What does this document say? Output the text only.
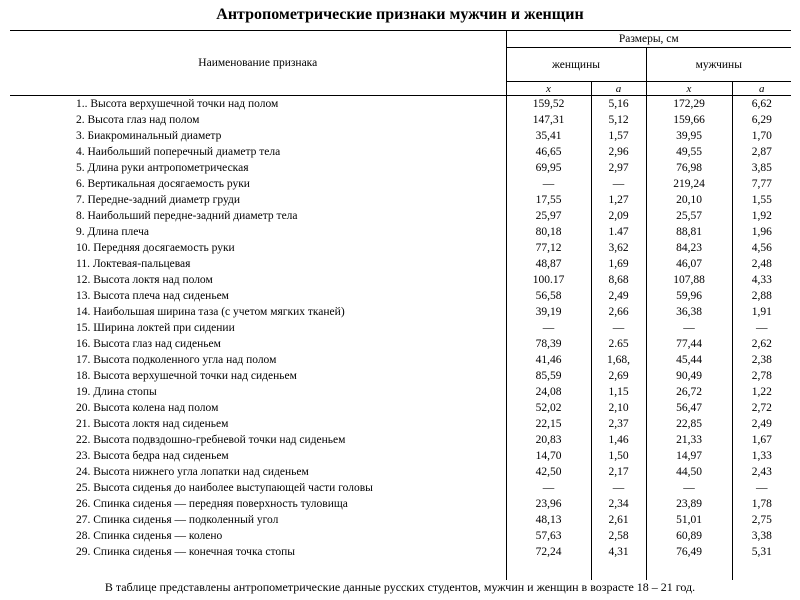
Антропометрические признаки мужчин и женщин
Наименование признака	Размеры, см			
	женщины		мужчины	
	x	a	x	a
1.. Высота верхушечной точки над полом	159,52	5,16	172,29	6,62
2. Высота глаз над полом	147,31	5,12	159,66	6,29
3. Биакроминальный диаметр	35,41	1,57	39,95	1,70
4. Наибольший поперечный диаметр тела	46,65	2,96	49,55	2,87
5. Длина руки антропометрическая	69,95	2,97	76,98	3,85
6. Вертикальная досягаемость руки	—	—	219,24	7,77
7. Передне-задний диаметр груди	17,55	1,27	20,10	1,55
8. Наибольший передне-задний диаметр тела	25,97	2,09	25,57	1,92
9. Длина плеча	80,18	1.47	88,81	1,96
10. Передняя досягаемость руки	77,12	3,62	84,23	4,56
11. Локтевая-пальцевая	48,87	1,69	46,07	2,48
12. Высота локтя над полом	100.17	8,68	107,88	4,33
13. Высота плеча над сиденьем	56,58	2,49	59,96	2,88
14. Наибольшая ширина таза (с учетом мягких тканей)	39,19	2,66	36,38	1,91
15. Ширина локтей при сидении	—	—	—	—
16. Высота глаз над сиденьем	78,39	2.65	77,44	2,62
17. Высота подколенного угла над полом	41,46	1,68,	45,44	2,38
18. Высота верхушечной точки над сиденьем	85,59	2,69	90,49	2,78
19. Длина стопы	24,08	1,15	26,72	1,22
20. Высота колена над полом	52,02	2,10	56,47	2,72
21. Высота локтя над сиденьем	22,15	2,37	22,85	2,49
22. Высота подвздошно-гребневой точки над сиденьем	20,83	1,46	21,33	1,67
23. Высота бедра над сиденьем	14,70	1,50	14,97	1,33
24. Высота нижнего угла лопатки над сиденьем	42,50	2,17	44,50	2,43
25. Высота сиденья до наиболее выступающей части головы	—	—	—	—
26. Спинка сиденья — передняя поверхность туловища	23,96	2,34	23,89	1,78
27. Спинка сиденья — подколенный угол	48,13	2,61	51,01	2,75
28. Спинка сиденья — колено	57,63	2,58	60,89	3,38
29. Спинка сиденья — конечная точка стопы	72,24	4,31	76,49	5,31

В таблице представлены антропометрические данные русских студентов, мужчин и женщин в возрасте 18 – 21 год.
